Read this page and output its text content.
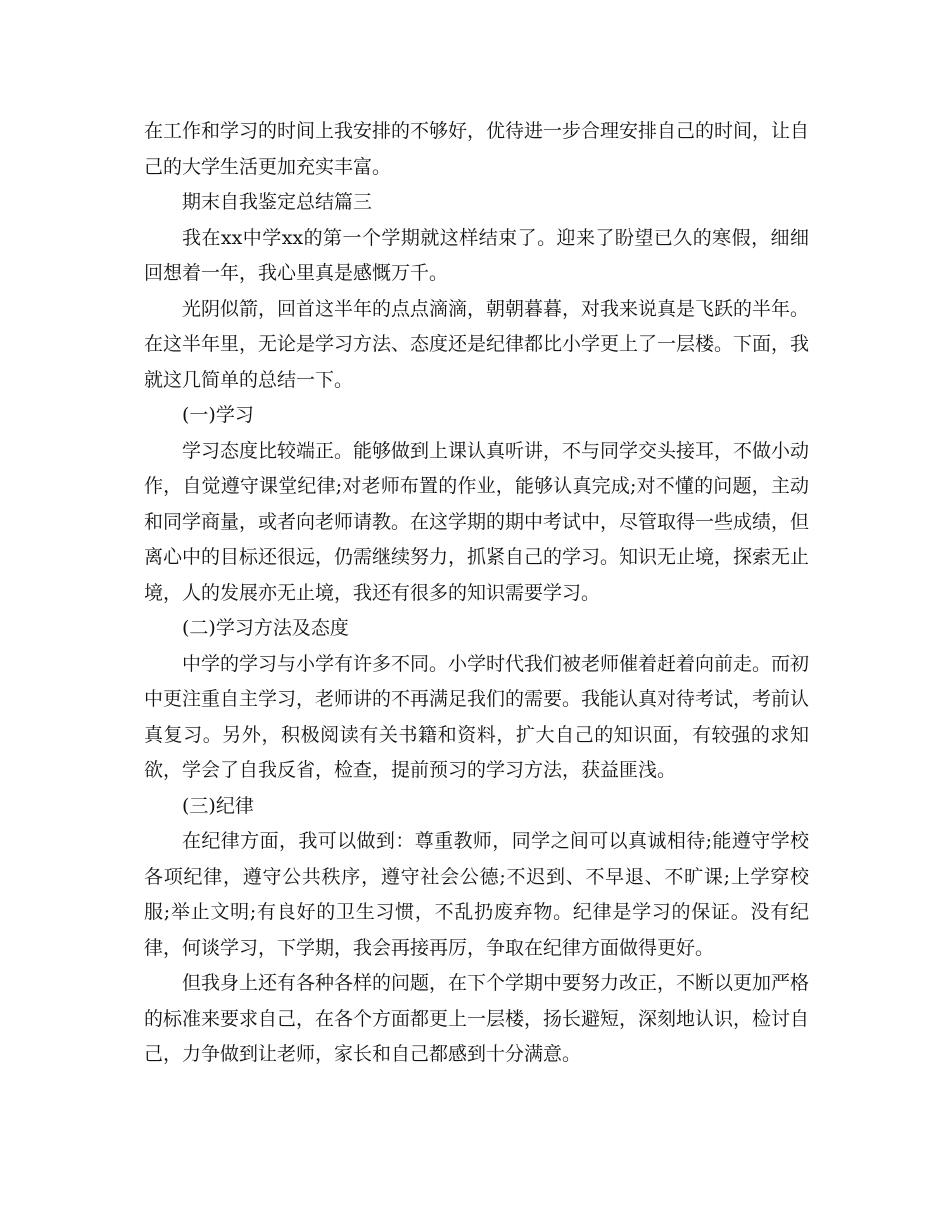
在工作和学习的时间上我安排的不够好，优待进一步合理安排自己的时间，让自己的大学生活更加充实丰富。

期末自我鉴定总结篇三

我在xx中学xx的第一个学期就这样结束了。迎来了盼望已久的寒假，细细回想着一年，我心里真是感慨万千。

光阴似箭，回首这半年的点点滴滴，朝朝暮暮，对我来说真是飞跃的半年。在这半年里，无论是学习方法、态度还是纪律都比小学更上了一层楼。下面，我就这几简单的总结一下。

(一)学习

学习态度比较端正。能够做到上课认真听讲，不与同学交头接耳，不做小动作，自觉遵守课堂纪律;对老师布置的作业，能够认真完成;对不懂的问题，主动和同学商量，或者向老师请教。在这学期的期中考试中，尽管取得一些成绩，但离心中的目标还很远，仍需继续努力，抓紧自己的学习。知识无止境，探索无止境，人的发展亦无止境，我还有很多的知识需要学习。

(二)学习方法及态度

中学的学习与小学有许多不同。小学时代我们被老师催着赶着向前走。而初中更注重自主学习，老师讲的不再满足我们的需要。我能认真对待考试，考前认真复习。另外，积极阅读有关书籍和资料，扩大自己的知识面，有较强的求知欲，学会了自我反省，检查，提前预习的学习方法，获益匪浅。

(三)纪律

在纪律方面，我可以做到：尊重教师，同学之间可以真诚相待;能遵守学校各项纪律，遵守公共秩序，遵守社会公德;不迟到、不早退、不旷课;上学穿校服;举止文明;有良好的卫生习惯，不乱扔废弃物。纪律是学习的保证。没有纪律，何谈学习，下学期，我会再接再厉，争取在纪律方面做得更好。

但我身上还有各种各样的问题，在下个学期中要努力改正，不断以更加严格的标准来要求自己，在各个方面都更上一层楼，扬长避短，深刻地认识，检讨自己，力争做到让老师，家长和自己都感到十分满意。
